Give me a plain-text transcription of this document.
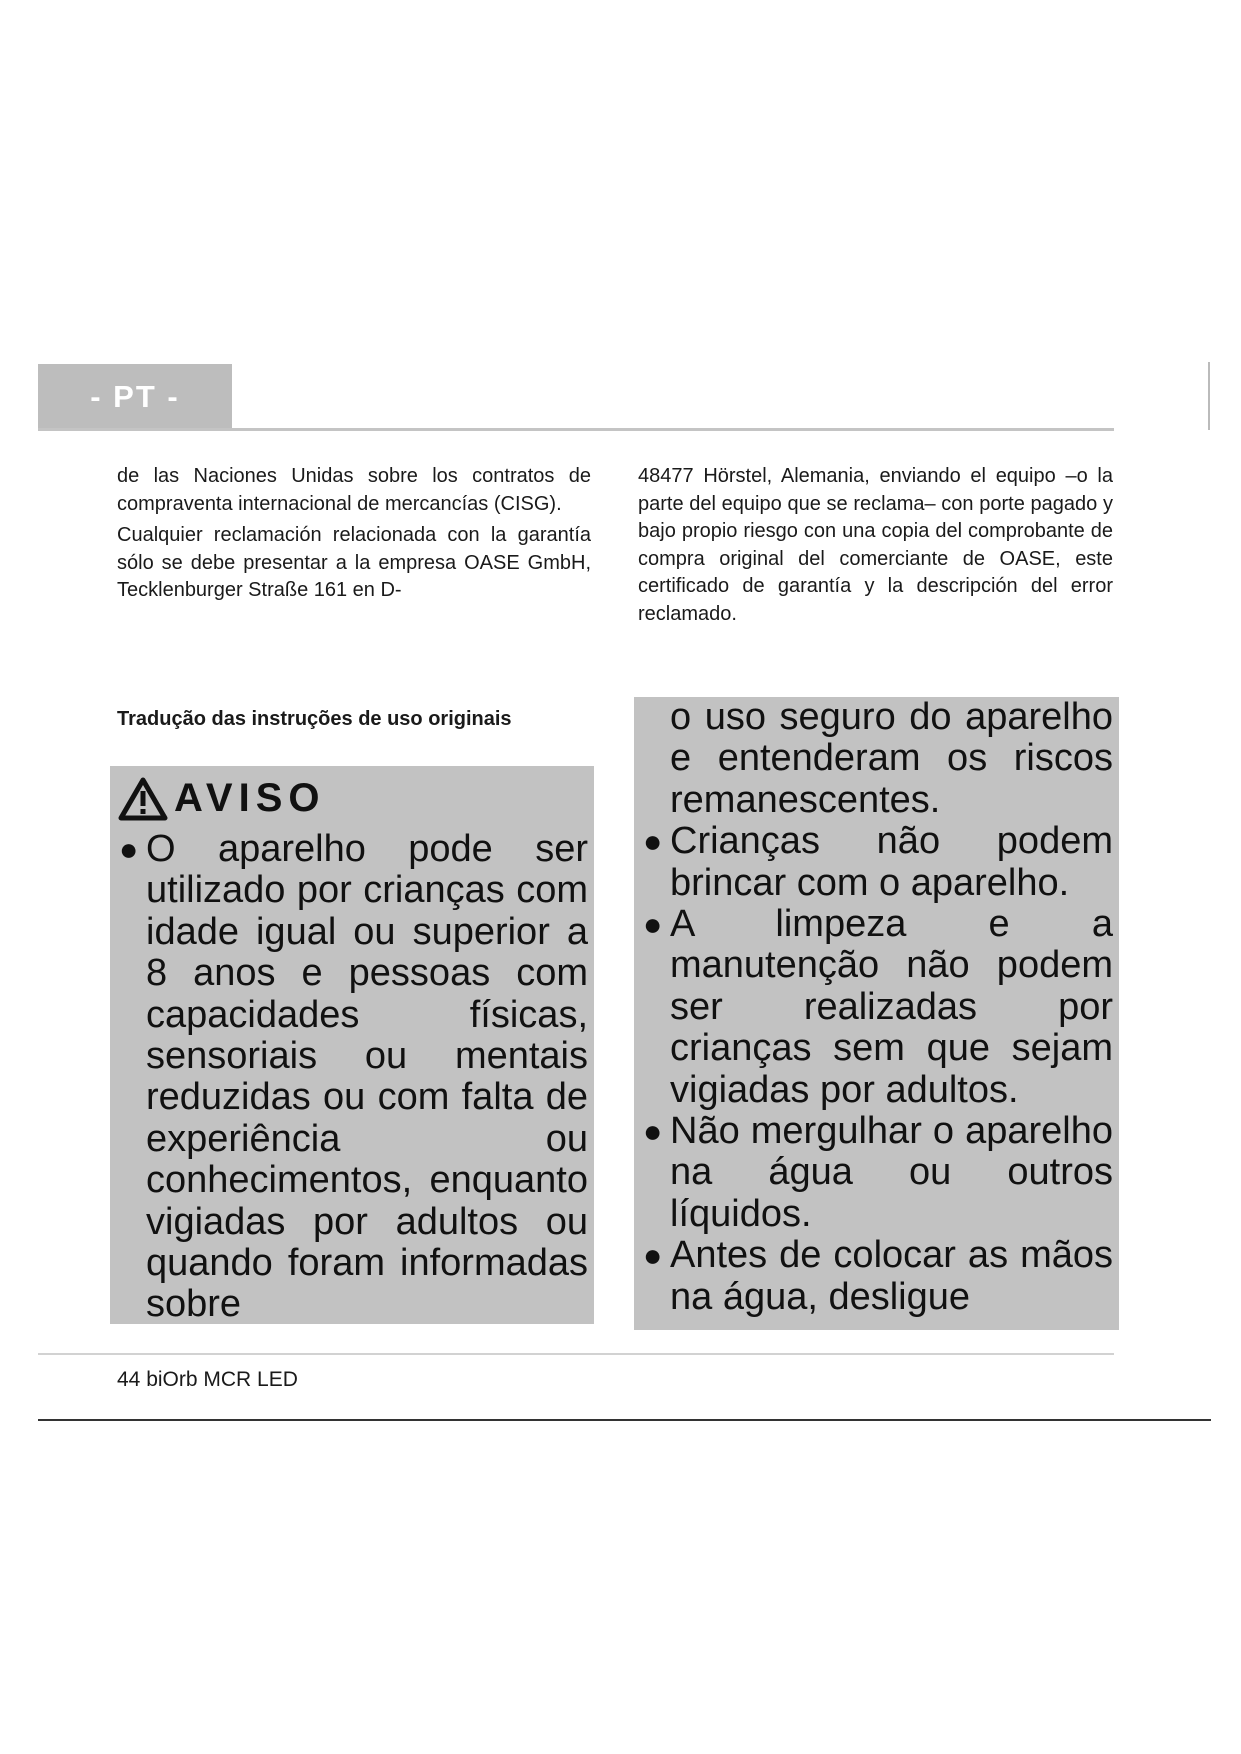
- PT -

de las Naciones Unidas sobre los contratos de compraventa internacional de mercancías (CISG).

Cualquier reclamación relacionada con la garantía sólo se debe presentar a la empresa OASE GmbH, Tecklenburger Straße 161 en D-

48477 Hörstel, Alemania, enviando el equipo –o la parte del equipo que se reclama– con porte pagado y bajo propio riesgo con una copia del comprobante de compra original del comerciante de OASE, este certificado de garantía y la descripción del error reclamado.

Tradução das instruções de uso originais
AVISO
● O aparelho pode ser utilizado por crianças com idade igual ou superior a 8 anos e pessoas com capacidades físicas, sensoriais ou mentais reduzidas ou com falta de experiência ou conhecimentos, enquanto vigiadas por adultos ou quando foram informadas sobre
o uso seguro do aparelho e entenderam os riscos remanescentes.
● Crianças não podem brincar com o aparelho.
● A limpeza e a manutenção não podem ser realizadas por crianças sem que sejam vigiadas por adultos.
● Não mergulhar o aparelho na água ou outros líquidos.
● Antes de colocar as mãos na água, desligue
44 biOrb MCR LED
